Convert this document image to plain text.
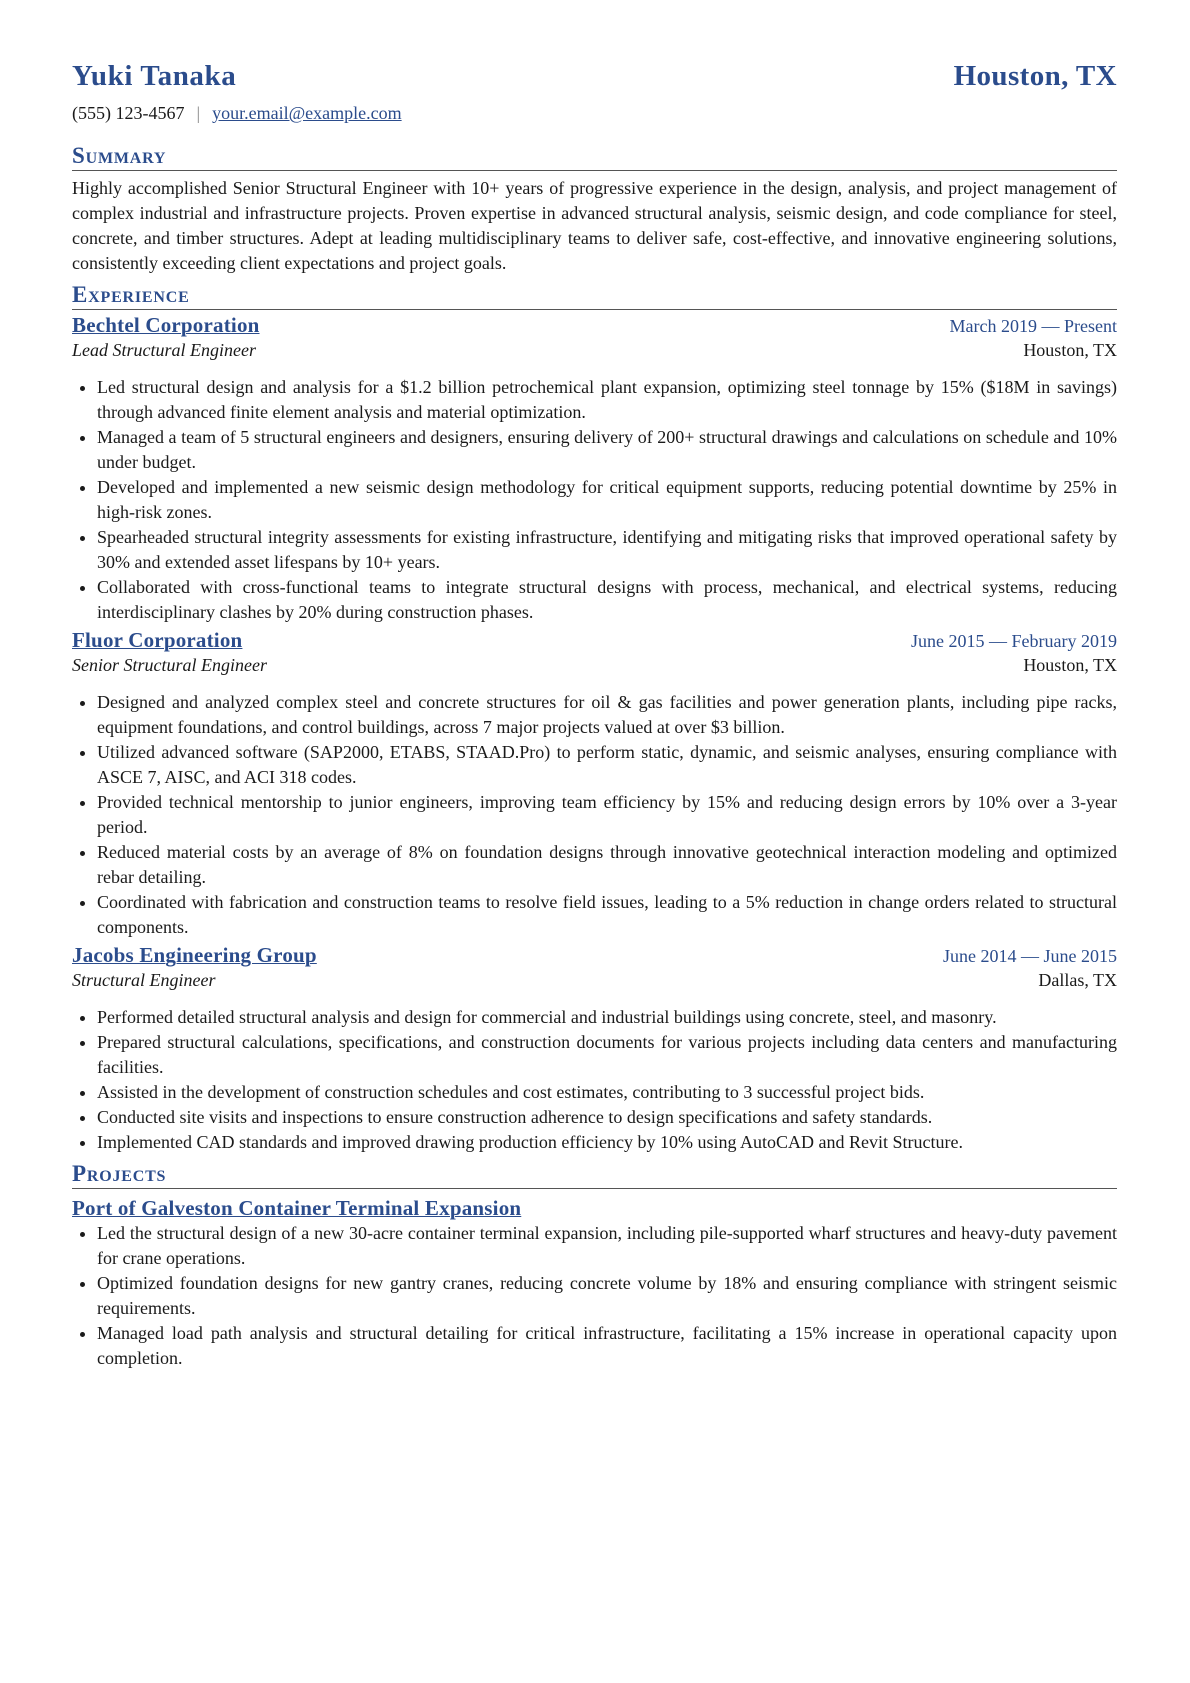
Yuki Tanaka	Houston, TX
(555) 123-4567 | your.email@example.com
Summary
Highly accomplished Senior Structural Engineer with 10+ years of progressive experience in the design, analysis, and project management of complex industrial and infrastructure projects. Proven expertise in advanced structural analysis, seismic design, and code compliance for steel, concrete, and timber structures. Adept at leading multidisciplinary teams to deliver safe, cost-effective, and innovative engineering solutions, consistently exceeding client expectations and project goals.
Experience
Bechtel Corporation	March 2019 — Present
Lead Structural Engineer	Houston, TX
Led structural design and analysis for a $1.2 billion petrochemical plant expansion, optimizing steel tonnage by 15% ($18M in savings) through advanced finite element analysis and material optimization.
Managed a team of 5 structural engineers and designers, ensuring delivery of 200+ structural drawings and calculations on schedule and 10% under budget.
Developed and implemented a new seismic design methodology for critical equipment supports, reducing potential downtime by 25% in high-risk zones.
Spearheaded structural integrity assessments for existing infrastructure, identifying and mitigating risks that improved operational safety by 30% and extended asset lifespans by 10+ years.
Collaborated with cross-functional teams to integrate structural designs with process, mechanical, and electrical systems, reducing interdisciplinary clashes by 20% during construction phases.
Fluor Corporation	June 2015 — February 2019
Senior Structural Engineer	Houston, TX
Designed and analyzed complex steel and concrete structures for oil & gas facilities and power generation plants, including pipe racks, equipment foundations, and control buildings, across 7 major projects valued at over $3 billion.
Utilized advanced software (SAP2000, ETABS, STAAD.Pro) to perform static, dynamic, and seismic analyses, ensuring compliance with ASCE 7, AISC, and ACI 318 codes.
Provided technical mentorship to junior engineers, improving team efficiency by 15% and reducing design errors by 10% over a 3-year period.
Reduced material costs by an average of 8% on foundation designs through innovative geotechnical interaction modeling and optimized rebar detailing.
Coordinated with fabrication and construction teams to resolve field issues, leading to a 5% reduction in change orders related to structural components.
Jacobs Engineering Group	June 2014 — June 2015
Structural Engineer	Dallas, TX
Performed detailed structural analysis and design for commercial and industrial buildings using concrete, steel, and masonry.
Prepared structural calculations, specifications, and construction documents for various projects including data centers and manufacturing facilities.
Assisted in the development of construction schedules and cost estimates, contributing to 3 successful project bids.
Conducted site visits and inspections to ensure construction adherence to design specifications and safety standards.
Implemented CAD standards and improved drawing production efficiency by 10% using AutoCAD and Revit Structure.
Projects
Port of Galveston Container Terminal Expansion
Led the structural design of a new 30-acre container terminal expansion, including pile-supported wharf structures and heavy-duty pavement for crane operations.
Optimized foundation designs for new gantry cranes, reducing concrete volume by 18% and ensuring compliance with stringent seismic requirements.
Managed load path analysis and structural detailing for critical infrastructure, facilitating a 15% increase in operational capacity upon completion.
